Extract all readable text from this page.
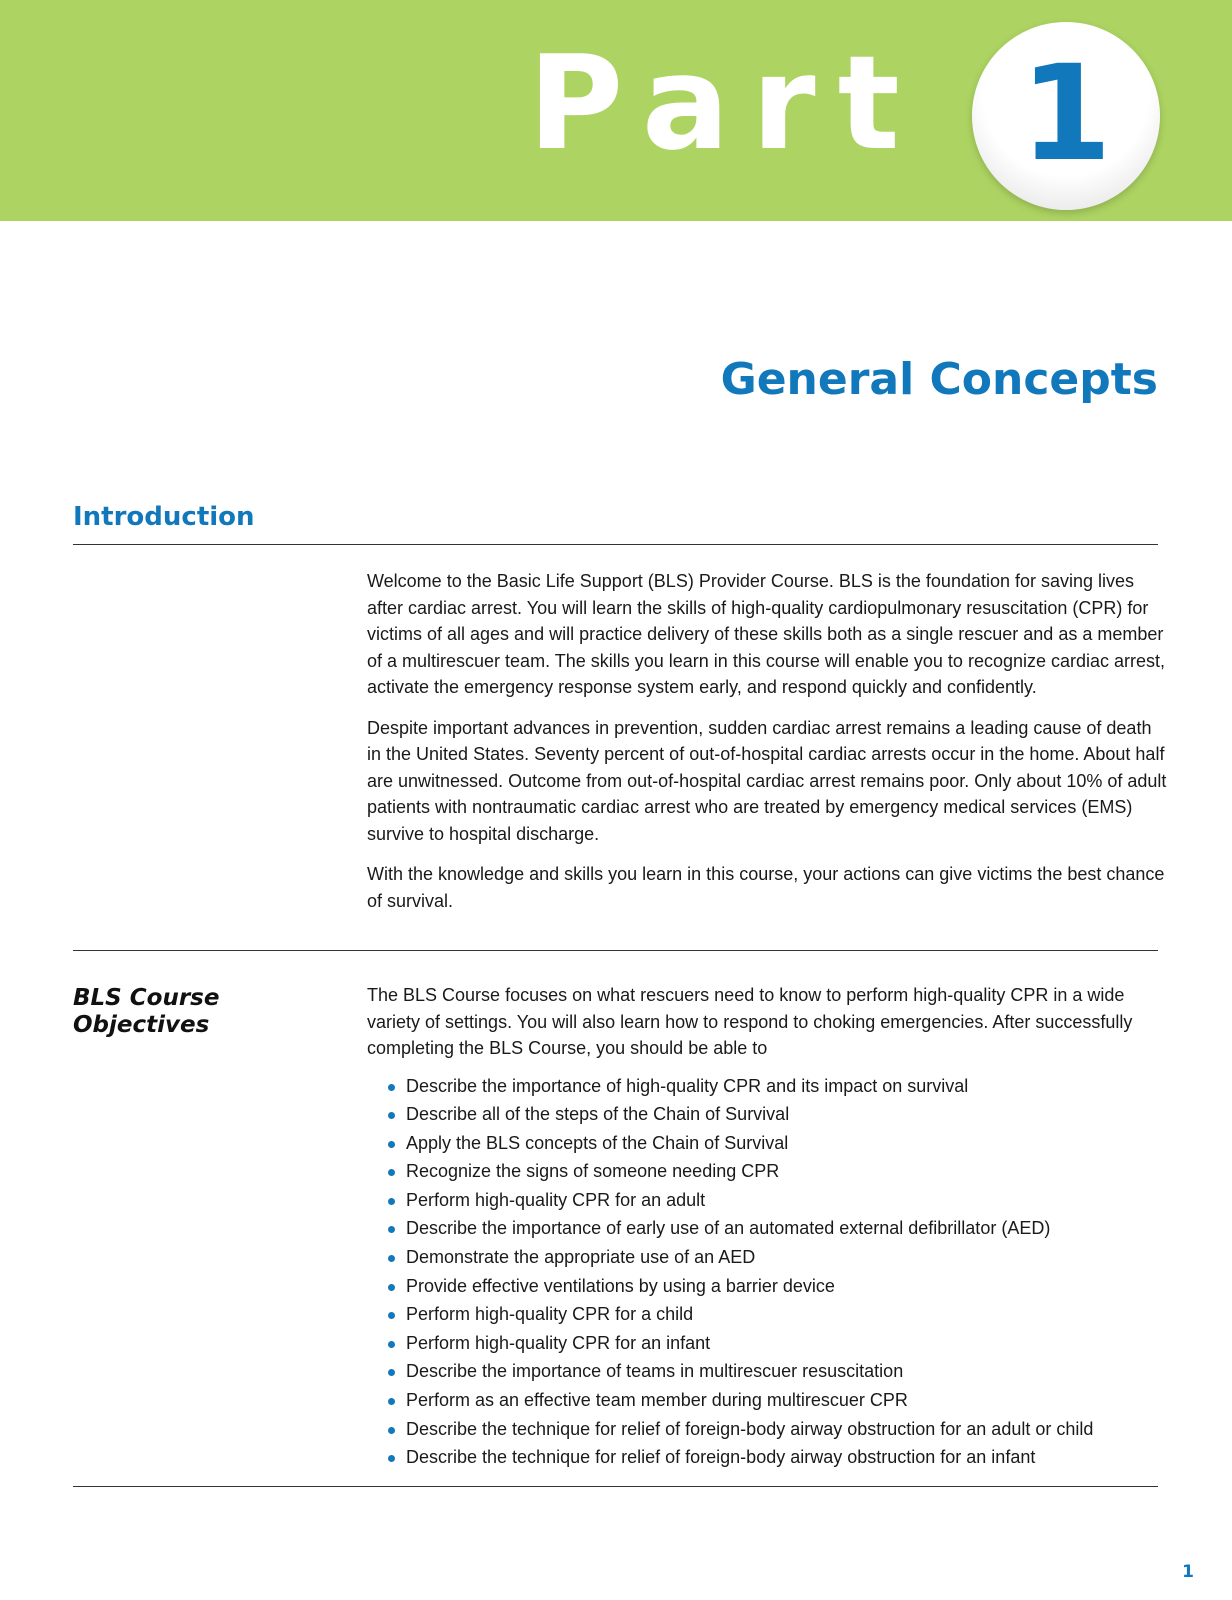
Part 1
General Concepts
Introduction

Welcome to the Basic Life Support (BLS) Provider Course. BLS is the foundation for saving lives after cardiac arrest. You will learn the skills of high-quality cardiopulmonary resuscitation (CPR) for victims of all ages and will practice delivery of these skills both as a single rescuer and as a member of a multirescuer team. The skills you learn in this course will enable you to recognize cardiac arrest, activate the emergency response system early, and respond quickly and confidently.

Despite important advances in prevention, sudden cardiac arrest remains a leading cause of death in the United States. Seventy percent of out-of-hospital cardiac arrests occur in the home. About half are unwitnessed. Outcome from out-of-hospital cardiac arrest remains poor. Only about 10% of adult patients with nontraumatic cardiac arrest who are treated by emergency medical services (EMS) survive to hospital discharge.

With the knowledge and skills you learn in this course, your actions can give victims the best chance of survival.

BLS Course
Objectives

The BLS Course focuses on what rescuers need to know to perform high-quality CPR in a wide variety of settings. You will also learn how to respond to choking emergencies. After successfully completing the BLS Course, you should be able to

Describe the importance of high-quality CPR and its impact on survival
Describe all of the steps of the Chain of Survival
Apply the BLS concepts of the Chain of Survival
Recognize the signs of someone needing CPR
Perform high-quality CPR for an adult
Describe the importance of early use of an automated external defibrillator (AED)
Demonstrate the appropriate use of an AED
Provide effective ventilations by using a barrier device
Perform high-quality CPR for a child
Perform high-quality CPR for an infant
Describe the importance of teams in multirescuer resuscitation
Perform as an effective team member during multirescuer CPR
Describe the technique for relief of foreign-body airway obstruction for an adult or child
Describe the technique for relief of foreign-body airway obstruction for an infant
1
